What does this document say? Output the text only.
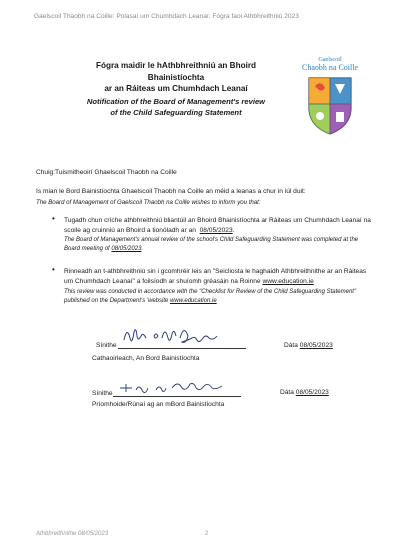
Gaelscoil Thaobh na Coille: Polasaí um Chumhdach Leanaí: Fógra faoi Athbhreithniú 2023
Fógra maidir le hAthbhreithniú an Bhoird Bhainistíochta
ar an Ráiteas um Chumhdach Leanaí
Notification of the Board of Management's review
of the Child Safeguarding Statement
Gaelscoil
Chaobh na Coille
Chuig:Tuismitheoirí Ghaelscoil Thaobh na Coille
Is mian le Bord Bainistíochta Ghaelscoil Thaobh na Coille an méid a leanas a chur in iúl duit:
The Board of Management of Gaelscoil Thaobh na Coille wishes to inform you that:
• Tugadh chun críche athbhreithniú bliantúil an Bhoird Bhainistíochta ar Ráiteas um Chumhdach Leanaí na scoile ag cruinniú an Bhoird a tionóladh ar an 08/05/2023.
The Board of Management's annual review of the school's Child Safeguarding Statement was completed at the Board meeting of 08/05/2023.
• Rinneadh an t-athbhreithniú sin i gcomhréir leis an "Seicliosta le haghaidh Athbhreithnithe ar an Ráiteas um Chumhdach Leanaí" a foilsíodh ar shuíomh gréasáin na Roinne www.education.ie
This review was conducted in accordance with the "Checklist for Review of the Child Safeguarding Statement"
published on the Department's 'website www.education.ie
Sínithe
Cathaoirleach, An Bord Bainistíochta
Dáta 08/05/2023
Sínithe
Príomhoide/Rúnaí ag an mBord Bainistíochta
Dáta 08/05/2023
Athbhreithnithe 08/05/2023	2
